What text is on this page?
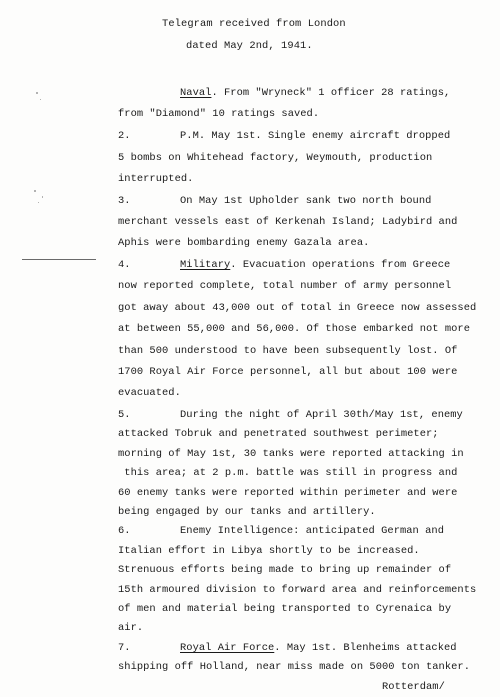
Telegram received from London
dated May 2nd, 1941.
Naval. From "Wryneck" 1 officer 28 ratings,
from "Diamond" 10 ratings saved.
2.	P.M. May 1st. Single enemy aircraft dropped
5 bombs on Whitehead factory, Weymouth, production
interrupted.
3.	On May 1st Upholder sank two north bound
merchant vessels east of Kerkenah Island; Ladybird and
Aphis were bombarding enemy Gazala area.
4.	Military. Evacuation operations from Greece
now reported complete, total number of army personnel
got away about 43,000 out of total in Greece now assessed
at between 55,000 and 56,000. Of those embarked not more
than 500 understood to have been subsequently lost. Of
1700 Royal Air Force personnel, all but about 100 were
evacuated.
5.	During the night of April 30th/May 1st, enemy
attacked Tobruk and penetrated southwest perimeter;
morning of May 1st, 30 tanks were reported attacking in
this area; at 2 p.m. battle was still in progress and
60 enemy tanks were reported within perimeter and were
being engaged by our tanks and artillery.
6.	Enemy Intelligence: anticipated German and
Italian effort in Libya shortly to be increased.
Strenuous efforts being made to bring up remainder of
15th armoured division to forward area and reinforcements
of men and material being transported to Cyrenaica by
air.
7.	Royal Air Force. May 1st. Blenheims attacked
shipping off Holland, near miss made on 5000 ton tanker.
Rotterdam/
